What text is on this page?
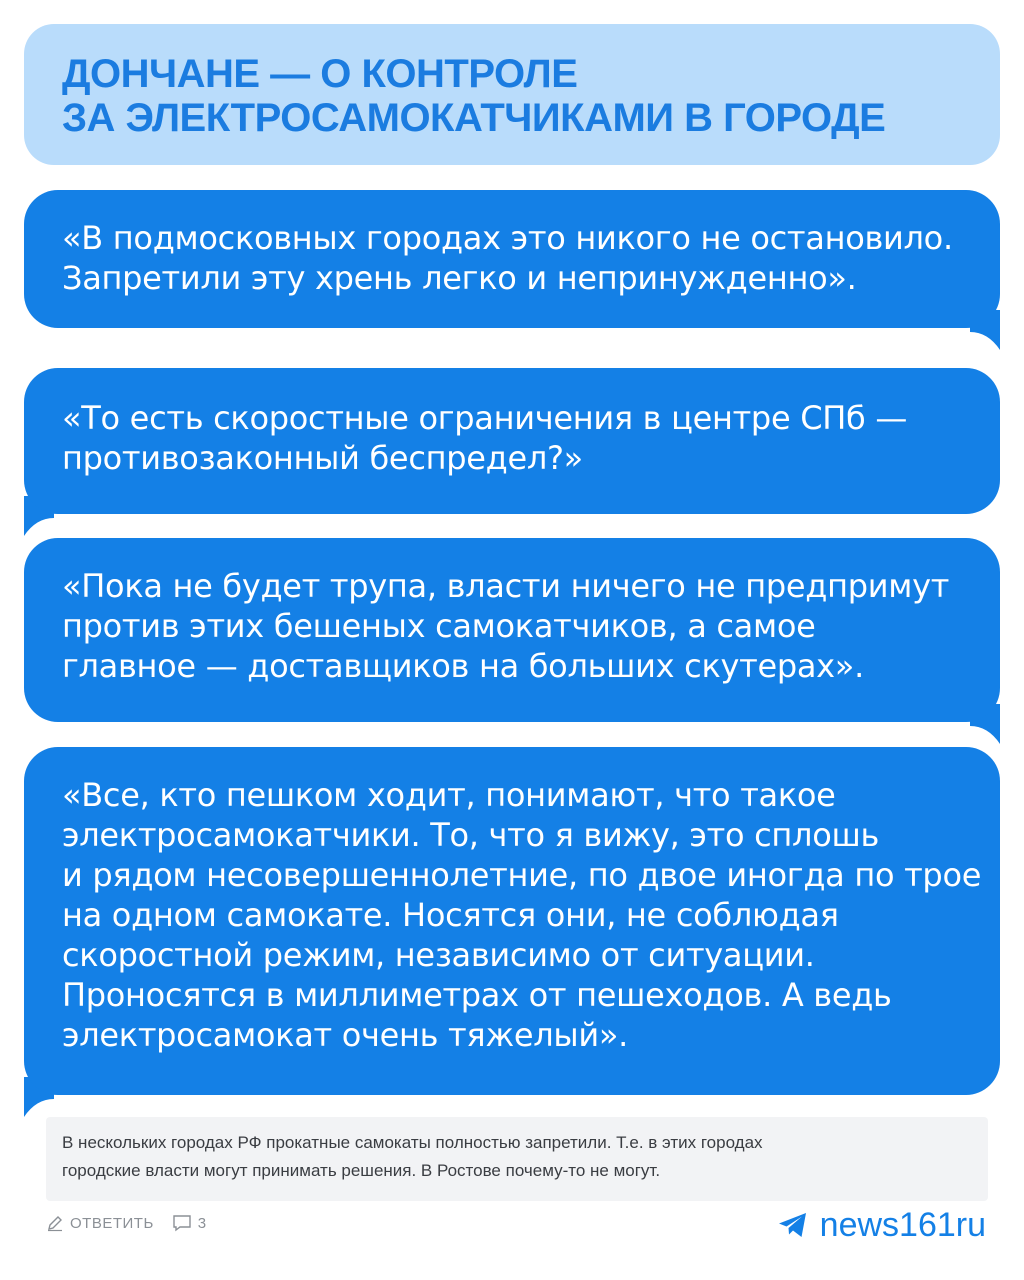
ДОНЧАНЕ — О КОНТРОЛЕ
ЗА ЭЛЕКТРОСАМОКАТЧИКАМИ В ГОРОДЕ
«В подмосковных городах это никого не остановило.
Запретили эту хрень легко и непринужденно».
«То есть скоростные ограничения в центре СПб —
противозаконный беспредел?»
«Пока не будет трупа, власти ничего не предпримут
против этих бешеных самокатчиков, а самое
главное — доставщиков на больших скутерах».
«Все, кто пешком ходит, понимают, что такое
электросамокатчики. То, что я вижу, это сплошь
и рядом несовершеннолетние, по двое иногда по трое
на одном самокате. Носятся они, не соблюдая
скоростной режим, независимо от ситуации.
Проносятся в миллиметрах от пешеходов. А ведь
электросамокат очень тяжелый».
В нескольких городах РФ прокатные самокаты полностью запретили. Т.е. в этих городах
городские власти могут принимать решения. В Ростове почему-то не могут.
ОТВЕТИТЬ	3	news161ru
